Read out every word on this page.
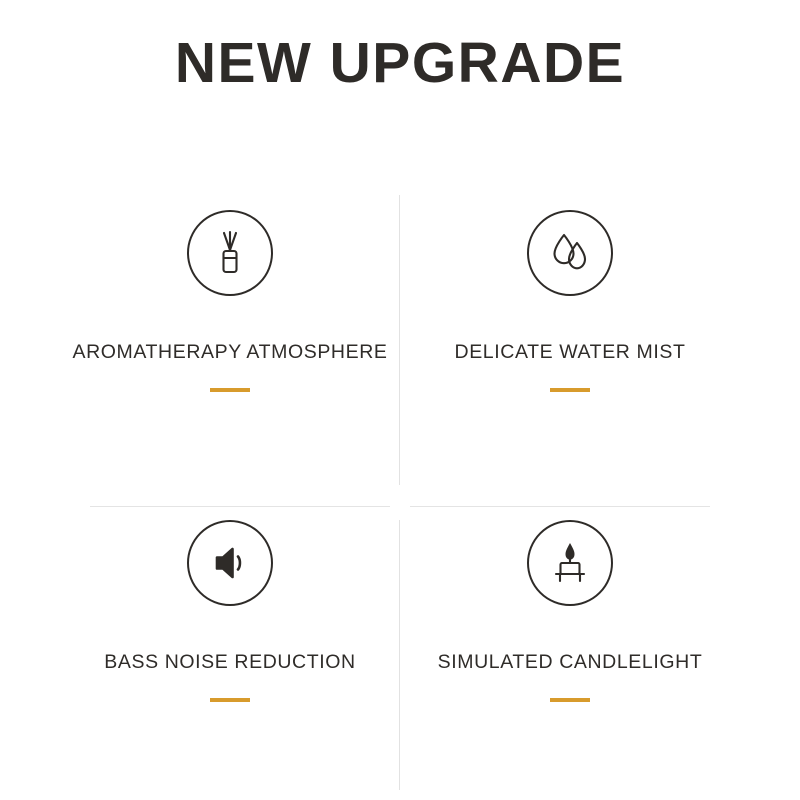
NEW UPGRADE
AROMATHERAPY ATMOSPHERE	DELICATE WATER MIST
BASS NOISE REDUCTION	SIMULATED CANDLELIGHT
